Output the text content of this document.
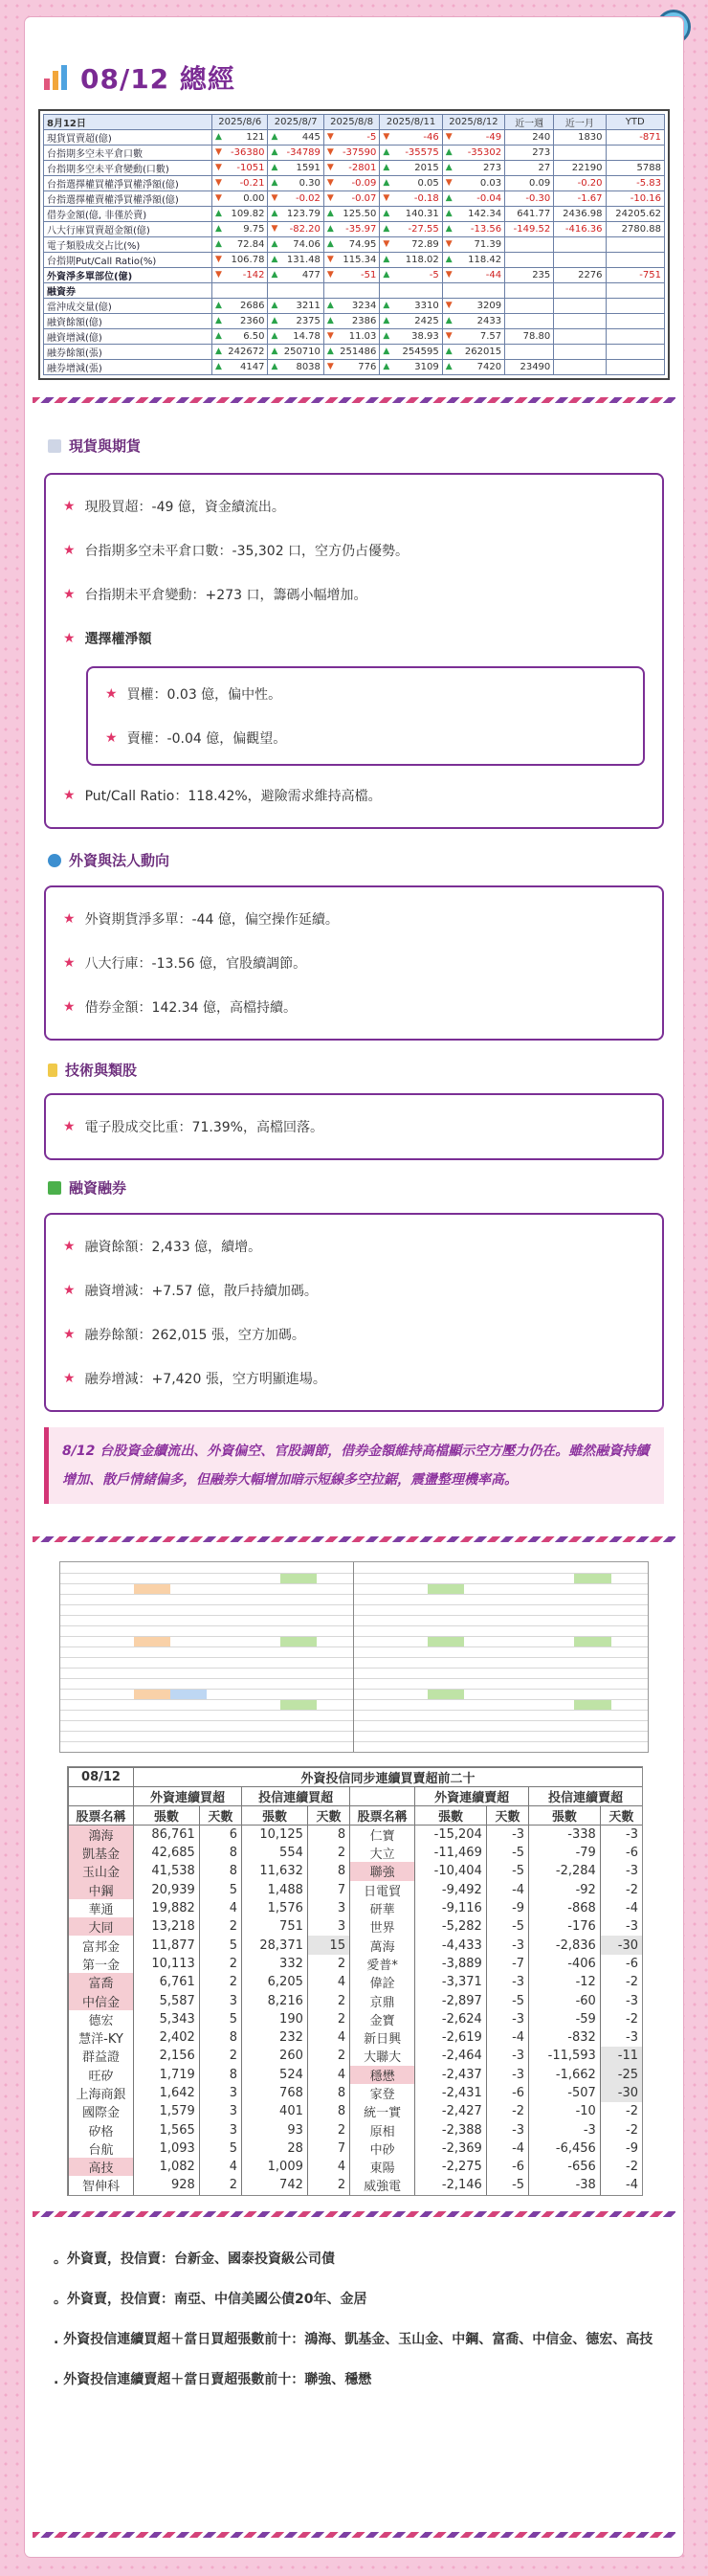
08/12 總經
8月12日	2025/8/6	2025/8/7	2025/8/8	2025/8/11	2025/8/12	近一週	近一月	YTD
現貨買賣超(億)	▲ 121	▲ 445	▼ -5	▼ -46	▼ -49	240	1830	-871
台指期多空未平倉口數	▼ -36380	▲ -34789	▼ -37590	▲ -35575	▲ -35302	273		
台指期多空未平倉變動(口數)	▼ -1051	▲ 1591	▼ -2801	▲ 2015	▲ 273	27	22190	5788
台指選擇權買權淨買權淨額(億)	▼ -0.21	▲ 0.30	▼ -0.09	▲ 0.05	▼ 0.03	0.09	-0.20	-5.83
台指選擇權賣權淨買權淨額(億)	▼ 0.00	▼ -0.02	▼ -0.07	▼ -0.18	▲ -0.04	-0.30	-1.67	-10.16
借券金額(億, 非僅於賣)	▲ 109.82	▲ 123.79	▲ 125.50	▲ 140.31	▲ 142.34	641.77	2436.98	24205.62
八大行庫買賣超金額(億)	▲ 9.75	▼ -82.20	▲ -35.97	▲ -27.55	▲ -13.56	-149.52	-416.36	2780.88
電子類股成交占比(%)	▲ 72.84	▲ 74.06	▲ 74.95	▼ 72.89	▼ 71.39			
台指期Put/Call Ratio(%)	▼ 106.78	▲ 131.48	▼ 115.34	▲ 118.02	▲ 118.42			
外資淨多單部位(億)	▼ -142	▲ 477	▼ -51	▲ -5	▼ -44	235	2276	-751
融資券								
當沖成交量(億)	▲ 2686	▲ 3211	▲ 3234	▲ 3310	▼ 3209			
融資餘額(億)	▲ 2360	▲ 2375	▲ 2386	▲ 2425	▲ 2433			
融資增減(億)	▲ 6.50	▲ 14.78	▼ 11.03	▲ 38.93	▼ 7.57	78.80		
融券餘額(張)	▲ 242672	▲ 250710	▲ 251486	▲ 254595	▲ 262015			
融券增減(張)	▲ 4147	▲ 8038	▼ 776	▲ 3109	▲ 7420	23490		
現貨與期貨
★ 現股買超：-49 億，資金續流出。
★ 台指期多空未平倉口數：-35,302 口，空方仍占優勢。
★ 台指期未平倉變動：+273 口，籌碼小幅增加。
★ 選擇權淨額
★ 買權：0.03 億，偏中性。
★ 賣權：-0.04 億，偏觀望。
★ Put/Call Ratio：118.42%，避險需求維持高檔。
外資與法人動向
★ 外資期貨淨多單：-44 億，偏空操作延續。
★ 八大行庫：-13.56 億，官股續調節。
★ 借券金額：142.34 億，高檔持續。
技術與類股
★ 電子股成交比重：71.39%，高檔回落。
融資融券
★ 融資餘額：2,433 億，續增。
★ 融資增減：+7.57 億，散戶持續加碼。
★ 融券餘額：262,015 張，空方加碼。
★ 融券增減：+7,420 張，空方明顯進場。
8/12 台股資金續流出、外資偏空、官股調節，借券金額維持高檔顯示空方壓力仍在。雖然融資持續增加、散戶情緒偏多，但融券大幅增加暗示短線多空拉鋸，震盪整理機率高。

08/12	外資投信同步連續買賣超前二十								
	外資連續買超		投信連續買超			外資連續賣超		投信連續賣超	
股票名稱	張數	天數	張數	天數	股票名稱	張數	天數	張數	天數
鴻海	86,761	6	10,125	8	仁寶	-15,204	-3	-338	-3
凱基金	42,685	8	554	2	大立	-11,469	-5	-79	-6
玉山金	41,538	8	11,632	8	聯強	-10,404	-5	-2,284	-3
中鋼	20,939	5	1,488	7	日電貿	-9,492	-4	-92	-2
華通	19,882	4	1,576	3	研華	-9,116	-9	-868	-4
大同	13,218	2	751	3	世界	-5,282	-5	-176	-3
富邦金	11,877	5	28,371	15	萬海	-4,433	-3	-2,836	-30
第一金	10,113	2	332	2	愛普*	-3,889	-7	-406	-6
富喬	6,761	2	6,205	4	偉詮	-3,371	-3	-12	-2
中信金	5,587	3	8,216	2	京鼎	-2,897	-5	-60	-3
德宏	5,343	5	190	2	金寶	-2,624	-3	-59	-2
慧洋-KY	2,402	8	232	4	新日興	-2,619	-4	-832	-3
群益證	2,156	2	260	2	大聯大	-2,464	-3	-11,593	-11
旺矽	1,719	8	524	4	穩懋	-2,437	-3	-1,662	-25
上海商銀	1,642	3	768	8	家登	-2,431	-6	-507	-30
國際金	1,579	3	401	8	統一實	-2,427	-2	-10	-2
矽格	1,565	3	93	2	原相	-2,388	-3	-3	-2
台航	1,093	5	28	7	中砂	-2,369	-4	-6,456	-9
高技	1,082	4	1,009	4	東陽	-2,275	-6	-656	-2
智伸科	928	2	742	2	威強電	-2,146	-5	-38	-4

。外資賣，投信賣：台新金、國泰投資級公司債

。外資賣，投信賣：南亞、中信美國公債20年、金居

. 外資投信連續買超＋當日買超張數前十：鴻海、凱基金、玉山金、中鋼、富喬、中信金、德宏、高技

. 外資投信連續賣超＋當日賣超張數前十：聯強、穩懋
